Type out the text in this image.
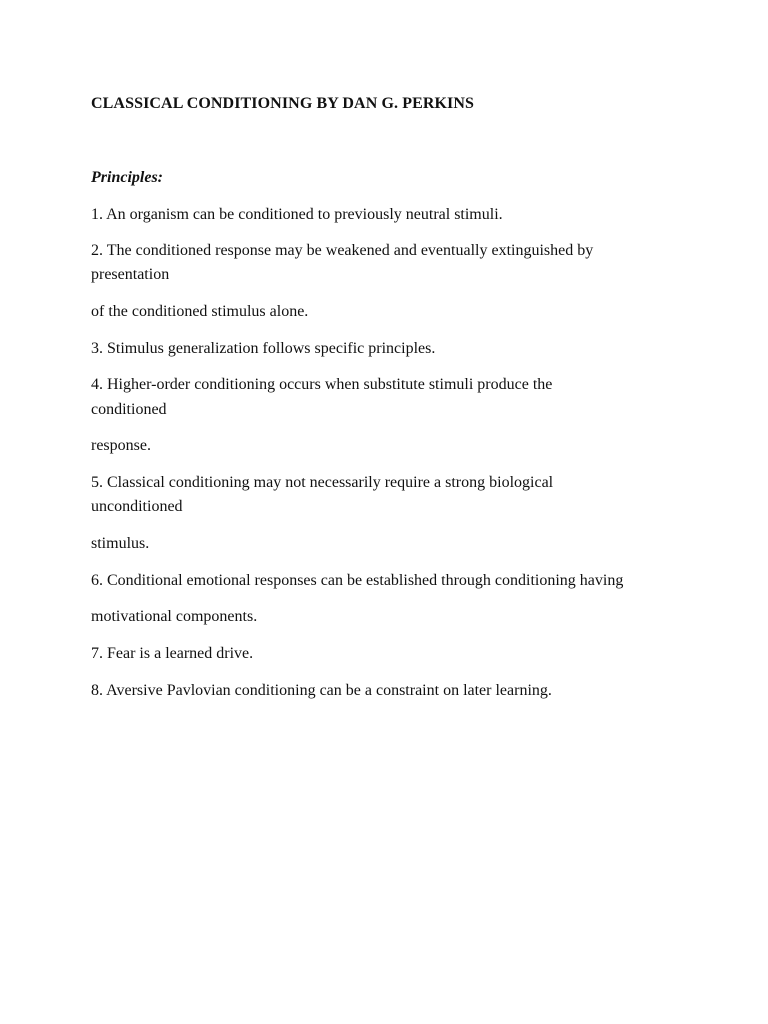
CLASSICAL CONDITIONING BY DAN G. PERKINS
Principles:
1. An organism can be conditioned to previously neutral stimuli.
2. The conditioned response may be weakened and eventually extinguished by
presentation
of the conditioned stimulus alone.
3. Stimulus generalization follows specific principles.
4. Higher-order conditioning occurs when substitute stimuli produce the
conditioned
response.
5. Classical conditioning may not necessarily require a strong biological
unconditioned
stimulus.
6. Conditional emotional responses can be established through conditioning having
motivational components.
7. Fear is a learned drive.
8. Aversive Pavlovian conditioning can be a constraint on later learning.
